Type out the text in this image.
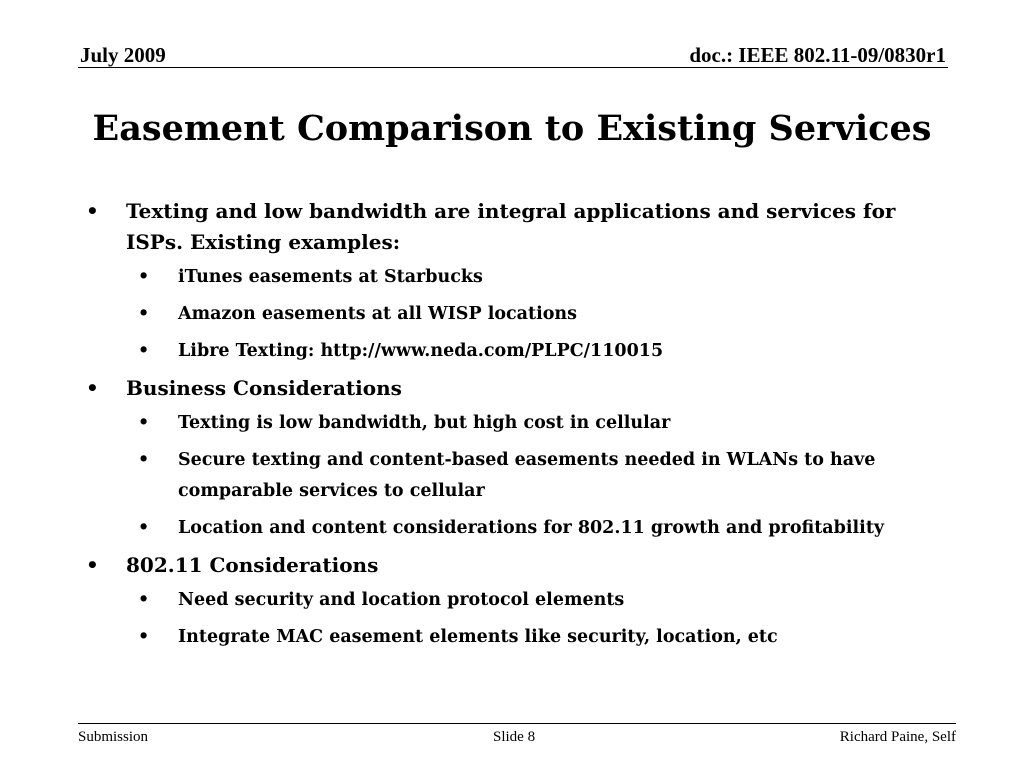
July 2009	doc.: IEEE 802.11-09/0830r1
Easement Comparison to Existing Services
• Texting and low bandwidth are integral applications and services for ISPs. Existing examples:
• iTunes easements at Starbucks
• Amazon easements at all WISP locations
• Libre Texting: http://www.neda.com/PLPC/110015
• Business Considerations
• Texting is low bandwidth, but high cost in cellular
• Secure texting and content-based easements needed in WLANs to have comparable services to cellular
• Location and content considerations for 802.11 growth and profitability
• 802.11 Considerations
• Need security and location protocol elements
• Integrate MAC easement elements like security, location, etc
Submission	Slide 8	Richard Paine, Self
